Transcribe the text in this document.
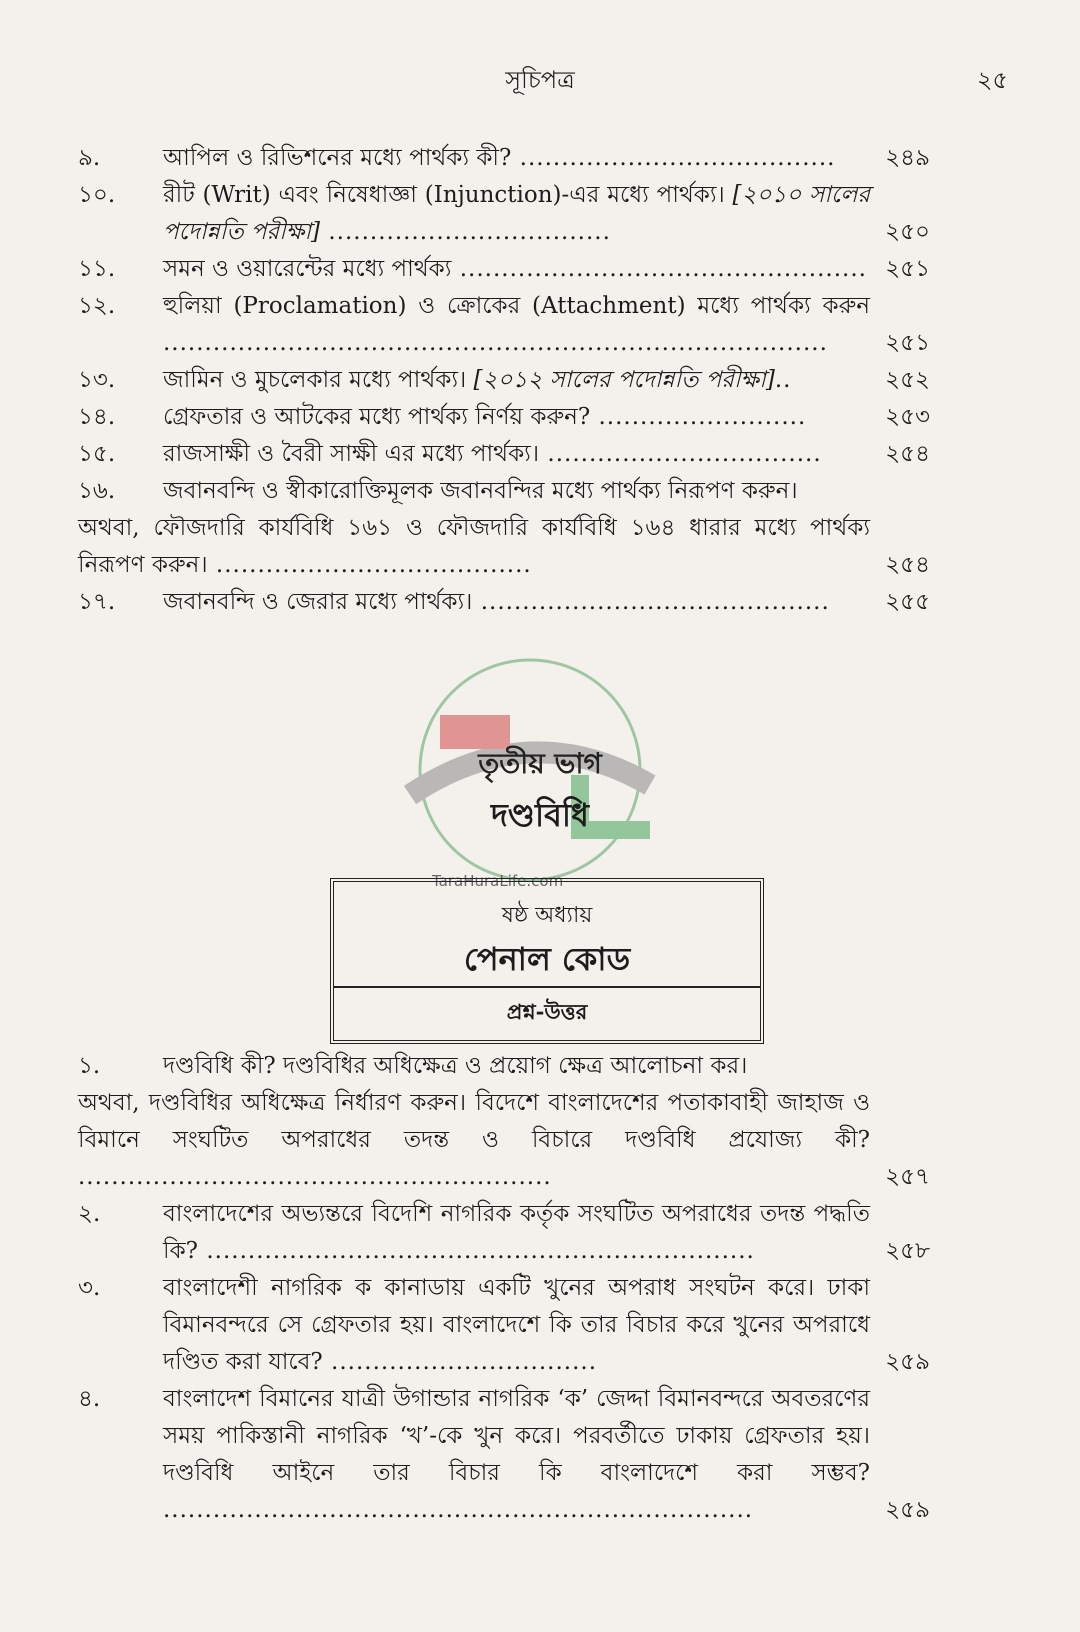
সূচিপত্র	২৫
৯.	আপিল ও রিভিশনের মধ্যে পার্থক্য কী? ......................................	২৪৯
১০.	রীট (Writ) এবং নিষেধাজ্ঞা (Injunction)-এর মধ্যে পার্থক্য। [২০১০ সালের পদোন্নতি পরীক্ষা] ..................................	২৫০
১১.	সমন ও ওয়ারেন্টের মধ্যে পার্থক্য ................................................. ২৫১
১২.	হুলিয়া (Proclamation) ও ক্রোকের (Attachment) মধ্যে পার্থক্য করুন ................................................................................	২৫১
১৩.	জামিন ও মুচলেকার মধ্যে পার্থক্য। [২০১২ সালের পদোন্নতি পরীক্ষা]..	২৫২
১৪.	গ্রেফতার ও আটকের মধ্যে পার্থক্য নির্ণয় করুন? .........................	২৫৩
১৫.	রাজসাক্ষী ও বৈরী সাক্ষী এর মধ্যে পার্থক্য। .................................	২৫৪
১৬.	জবানবন্দি ও স্বীকারোক্তিমূলক জবানবন্দির মধ্যে পার্থক্য নিরূপণ করুন।
অথবা, ফৌজদারি কার্যবিধি ১৬১ ও ফৌজদারি কার্যবিধি ১৬৪ ধারার মধ্যে পার্থক্য নিরূপণ করুন। ......................................	২৫৪
১৭.	জবানবন্দি ও জেরার মধ্যে পার্থক্য। ..........................................	২৫৫
TaraHuraLife.com
তৃতীয় ভাগ
দণ্ডবিধি
ষষ্ঠ অধ্যায়
পেনাল কোড
প্রশ্ন-উত্তর
১.	দণ্ডবিধি কী? দণ্ডবিধির অধিক্ষেত্র ও প্রয়োগ ক্ষেত্র আলোচনা কর।
অথবা, দণ্ডবিধির অধিক্ষেত্র নির্ধারণ করুন। বিদেশে বাংলাদেশের পতাকাবাহী জাহাজ ও বিমানে সংঘটিত অপরাধের তদন্ত ও বিচারে দণ্ডবিধি প্রযোজ্য কী? .........................................................	২৫৭
২.	বাংলাদেশের অভ্যন্তরে বিদেশি নাগরিক কর্তৃক সংঘটিত অপরাধের তদন্ত পদ্ধতি কি? ..................................................................	২৫৮
৩.	বাংলাদেশী নাগরিক ক কানাডায় একটি খুনের অপরাধ সংঘটন করে। ঢাকা বিমানবন্দরে সে গ্রেফতার হয়। বাংলাদেশে কি তার বিচার করে খুনের অপরাধে দণ্ডিত করা যাবে? ................................	২৫৯
৪.	বাংলাদেশ বিমানের যাত্রী উগান্ডার নাগরিক ‘ক’ জেদ্দা বিমানবন্দরে অবতরণের সময় পাকিস্তানী নাগরিক ‘খ’-কে খুন করে। পরবর্তীতে ঢাকায় গ্রেফতার হয়। দণ্ডবিধি আইনে তার বিচার কি বাংলাদেশে করা সম্ভব? .......................................................................	২৫৯
